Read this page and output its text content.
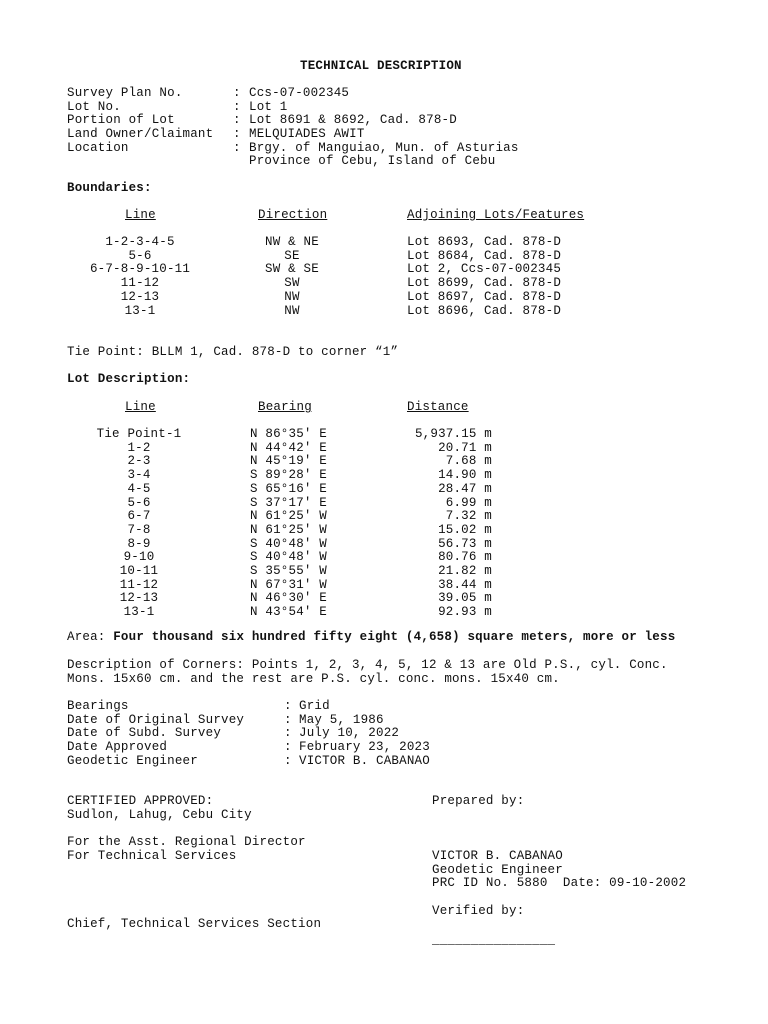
TECHNICAL DESCRIPTION
Survey Plan No.	: Ccs-07-002345
Lot No.	: Lot 1
Portion of Lot	: Lot 8691 & 8692, Cad. 878-D
Land Owner/Claimant : MELQUIADES AWIT
Location	: Brgy. of Manguiao, Mun. of Asturias
Province of Cebu, Island of Cebu
Boundaries:
Line	Direction	Adjoining Lots/Features
1-2-3-4-5	NW & NE	Lot 8693, Cad. 878-D
5-6	SE	Lot 8684, Cad. 878-D
6-7-8-9-10-11	SW & SE	Lot 2, Ccs-07-002345
11-12	SW	Lot 8699, Cad. 878-D
12-13	NW	Lot 8697, Cad. 878-D
13-1	NW	Lot 8696, Cad. 878-D
Tie Point: BLLM 1, Cad. 878-D to corner “1”
Lot Description:
Line	Bearing	Distance
Tie Point-1	N 86°35' E	5,937.15 m
1-2	N 44°42' E	20.71 m
2-3	N 45°19' E	7.68 m
3-4	S 89°28' E	14.90 m
4-5	S 65°16' E	28.47 m
5-6	S 37°17' E	6.99 m
6-7	N 61°25' W	7.32 m
7-8	N 61°25' W	15.02 m
8-9	S 40°48' W	56.73 m
9-10	S 40°48' W	80.76 m
10-11	S 35°55' W	21.82 m
11-12	N 67°31' W	38.44 m
12-13	N 46°30' E	39.05 m
13-1	N 43°54' E	92.93 m
Area: Four thousand six hundred fifty eight (4,658) square meters, more or less
Description of Corners: Points 1, 2, 3, 4, 5, 12 & 13 are Old P.S., cyl. Conc.
Mons. 15x60 cm. and the rest are P.S. cyl. conc. mons. 15x40 cm.
Bearings	: Grid
Date of Original Survey	: May 5, 1986
Date of Subd. Survey	: July 10, 2022
Date Approved	: February 23, 2023
Geodetic Engineer	: VICTOR B. CABANAO
CERTIFIED APPROVED:
Sudlon, Lahug, Cebu City
For the Asst. Regional Director
For Technical Services
Chief, Technical Services Section
Prepared by:
VICTOR B. CABANAO
Geodetic Engineer
PRC ID No. 5880  Date: 09-10-2002
Verified by:
________________
